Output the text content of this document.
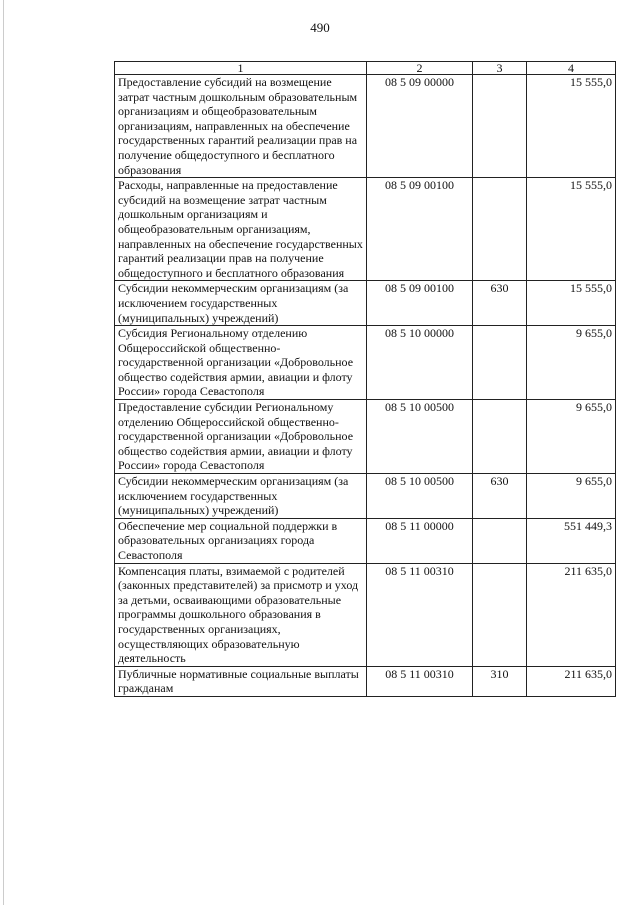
490
1	2	3	4
Предоставление субсидий на возмещение затрат частным дошкольным образовательным организациям и общеобразовательным организациям, направленных на обеспечение государственных гарантий реализации прав на получение общедоступного и бесплатного образования	08 5 09 00000		15 555,0
Расходы, направленные на предоставление субсидий на возмещение затрат частным дошкольным организациям и общеобразовательным организациям, направленных на обеспечение государственных гарантий реализации прав на получение общедоступного и бесплатного образования	08 5 09 00100		15 555,0
Субсидии некоммерческим организациям (за исключением государственных (муниципальных) учреждений)	08 5 09 00100	630	15 555,0
Субсидия Региональному отделению Общероссийской общественно-государственной организации «Добровольное общество содействия армии, авиации и флоту России» города Севастополя	08 5 10 00000		9 655,0
Предоставление субсидии Региональному отделению Общероссийской общественно-государственной организации «Добровольное общество содействия армии, авиации и флоту России» города Севастополя	08 5 10 00500		9 655,0
Субсидии некоммерческим организациям (за исключением государственных (муниципальных) учреждений)	08 5 10 00500	630	9 655,0
Обеспечение мер социальной поддержки в образовательных организациях города Севастополя	08 5 11 00000		551 449,3
Компенсация платы, взимаемой с родителей (законных представителей) за присмотр и уход за детьми, осваивающими образовательные программы дошкольного образования в государственных организациях, осуществляющих образовательную деятельность	08 5 11 00310		211 635,0
Публичные нормативные социальные выплаты гражданам	08 5 11 00310	310	211 635,0
